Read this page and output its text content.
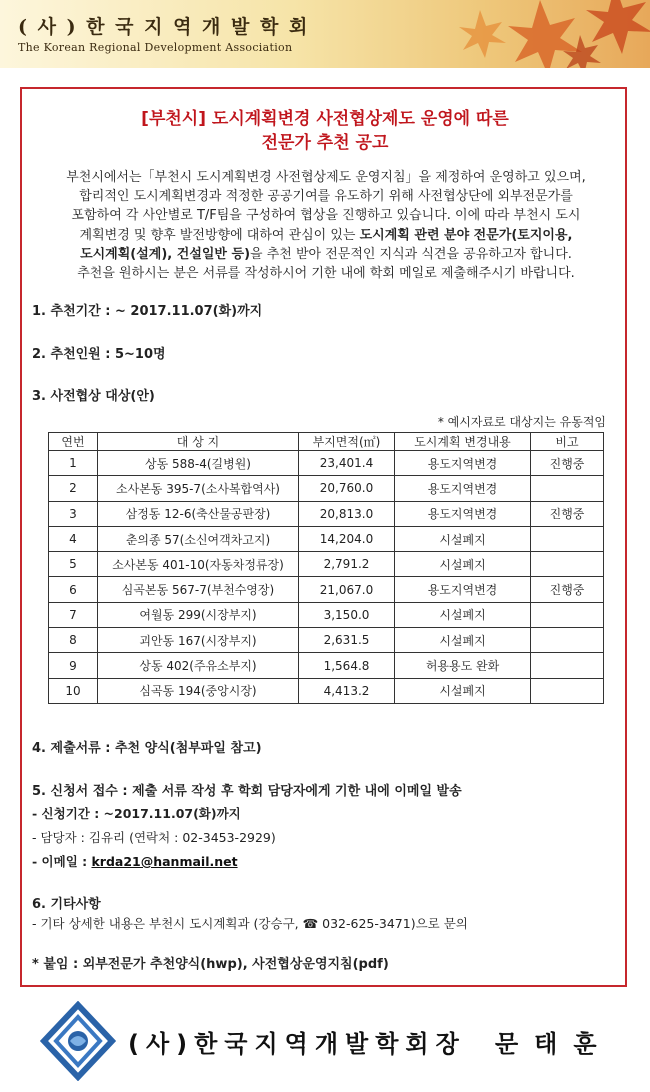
( 사 ) 한 국 지 역 개 발 학 회
The Korean Regional Development Association
[부천시] 도시계획변경 사전협상제도 운영에 따른
전문가 추천 공고
부천시에서는「부천시 도시계획변경 사전협상제도 운영지침」을 제정하여 운영하고 있으며,
합리적인 도시계획변경과 적정한 공공기여를 유도하기 위해 사전협상단에 외부전문가를
포함하여 각 사안별로 T/F팀을 구성하여 협상을 진행하고 있습니다. 이에 따라 부천시 도시
계획변경 및 향후 발전방향에 대하여 관심이 있는 도시계획 관련 분야 전문가(토지이용,
도시계획(설계), 건설일반 등)을 추천 받아 전문적인 지식과 식견을 공유하고자 합니다.
추천을 원하시는 분은 서류를 작성하시어 기한 내에 학회 메일로 제출해주시기 바랍니다.
1. 추천기간 : ~ 2017.11.07(화)까지
2. 추천인원 : 5~10명
3. 사전협상 대상(안)
* 예시자료로 대상지는 유동적임
연번	대 상 지	부지면적(㎡)	도시계획 변경내용	비고
1	상동 588-4(길병원)	23,401.4	용도지역변경	진행중
2	소사본동 395-7(소사복합역사)	20,760.0	용도지역변경	
3	삼정동 12-6(축산물공판장)	20,813.0	용도지역변경	진행중
4	춘의종 57(소신여객차고지)	14,204.0	시설폐지	
5	소사본동 401-10(자동차정류장)	2,791.2	시설폐지	
6	심곡본동 567-7(부천수영장)	21,067.0	용도지역변경	진행중
7	여월동 299(시장부지)	3,150.0	시설폐지	
8	괴안동 167(시장부지)	2,631.5	시설폐지	
9	상동 402(주유소부지)	1,564.8	허용용도 완화	
10	심곡동 194(중앙시장)	4,413.2	시설폐지	
4. 제출서류 : 추천 양식(첨부파일 참고)
5. 신청서 접수 : 제출 서류 작성 후 학회 담당자에게 기한 내에 이메일 발송
- 신청기간 : ~2017.11.07(화)까지
- 담당자 : 김유리 (연락처 : 02-3453-2929)
- 이메일 : krda21@hanmail.net
6. 기타사항
- 기타 상세한 내용은 부천시 도시계획과 (강승구, ☎ 032-625-3471)으로 문의
* 붙임 : 외부전문가 추천양식(hwp), 사전협상운영지침(pdf)
(사)한국지역개발학회장 문태훈
